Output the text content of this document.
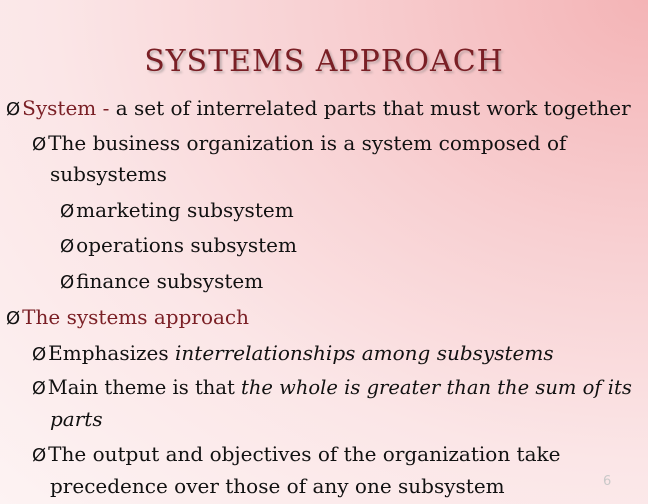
SYSTEMS APPROACH
Ø System - a set of interrelated parts that must work together
Ø The business organization is a system composed of
subsystems
Ø marketing subsystem
Ø operations subsystem
Ø finance subsystem
Ø The systems approach
Ø Emphasizes interrelationships among subsystems
Ø Main theme is that the whole is greater than the sum of its
parts
Ø The output and objectives of the organization take
precedence over those of any one subsystem	6
